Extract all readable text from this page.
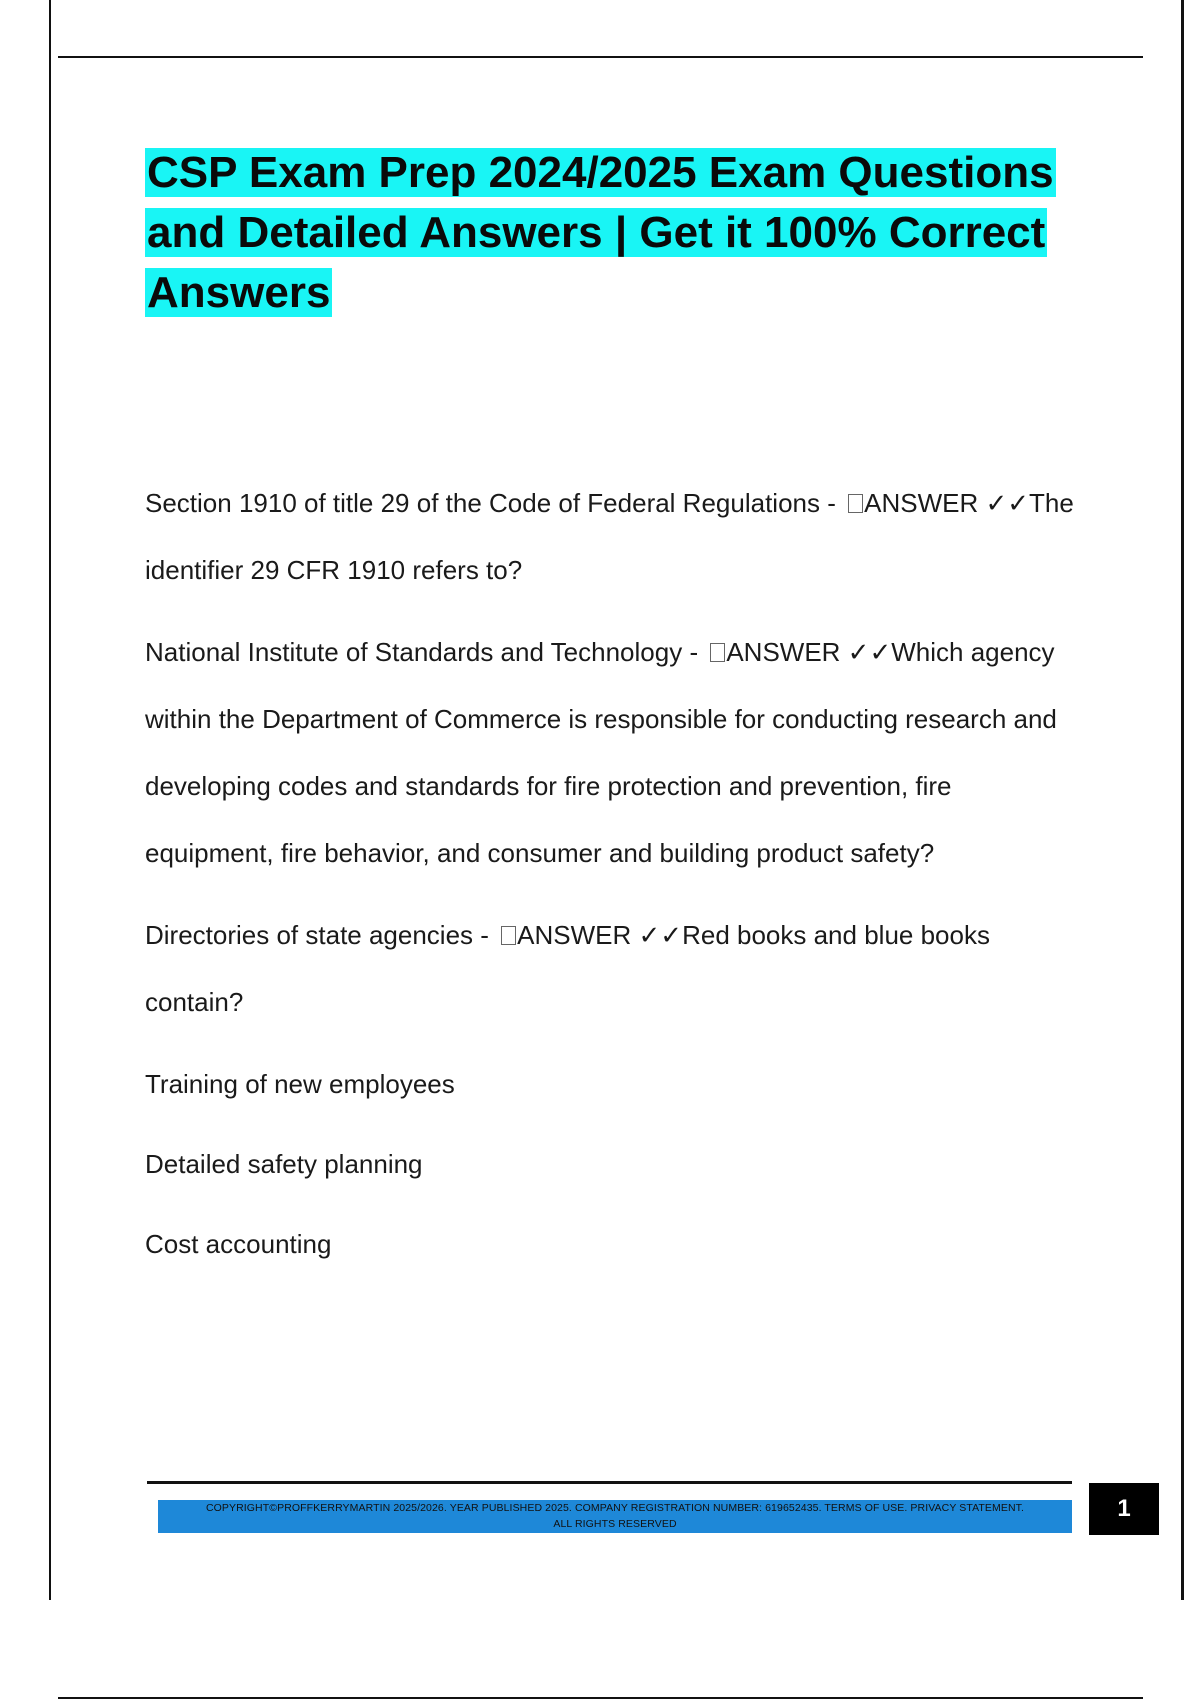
CSP Exam Prep 2024/2025 Exam Questions and Detailed Answers | Get it 100% Correct Answers

Section 1910 of title 29 of the Code of Federal Regulations - ANSWER ✓✓The identifier 29 CFR 1910 refers to?

National Institute of Standards and Technology - ANSWER ✓✓Which agency within the Department of Commerce is responsible for conducting research and developing codes and standards for fire protection and prevention, fire equipment, fire behavior, and consumer and building product safety?

Directories of state agencies - ANSWER ✓✓Red books and blue books contain?

Training of new employees

Detailed safety planning

Cost accounting

COPYRIGHT©PROFFKERRYMARTIN 2025/2026. YEAR PUBLISHED 2025. COMPANY REGISTRATION NUMBER: 619652435. TERMS OF USE. PRIVACY STATEMENT.
ALL RIGHTS RESERVED
1
